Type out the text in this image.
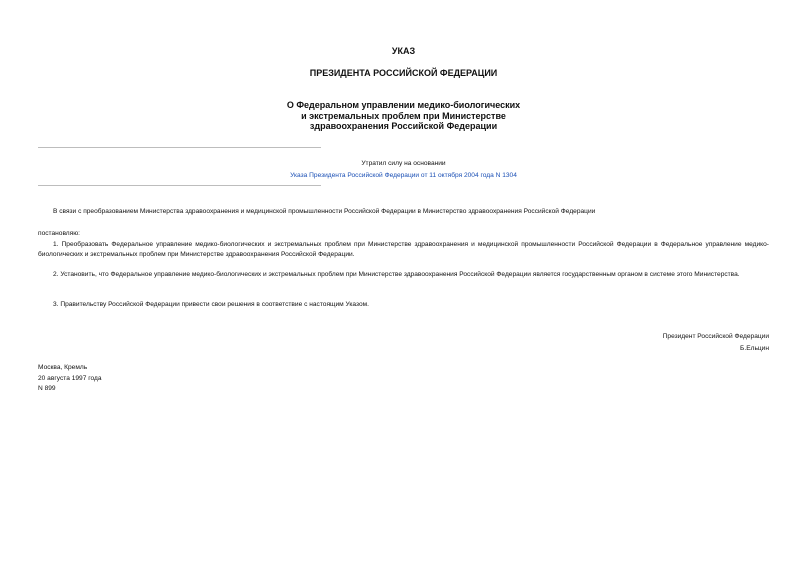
УКАЗ
ПРЕЗИДЕНТА РОССИЙСКОЙ ФЕДЕРАЦИИ
О Федеральном управлении медико-биологических
и экстремальных проблем при Министерстве
здравоохранения Российской Федерации
Утратил силу на основании
Указа Президента Российской Федерации от 11 октября 2004 года N 1304
В связи с преобразованием Министерства здравоохранения и медицинской промышленности Российской Федерации в Министерство здравоохранения Российской Федерации
постановляю:
1. Преобразовать Федеральное управление медико-биологических и экстремальных проблем при Министерстве здравоохранения и медицинской промышленности Российской Федерации в Федеральное управление медико-биологических и экстремальных проблем при Министерстве здравоохранения Российской Федерации.
2. Установить, что Федеральное управление медико-биологических и экстремальных проблем при Министерстве здравоохранения Российской Федерации является государственным органом в системе этого Министерства.
3. Правительству Российской Федерации привести свои решения в соответствие с настоящим Указом.
Президент Российской Федерации
Б.Ельцин
Москва, Кремль
20 августа 1997 года
N 899
